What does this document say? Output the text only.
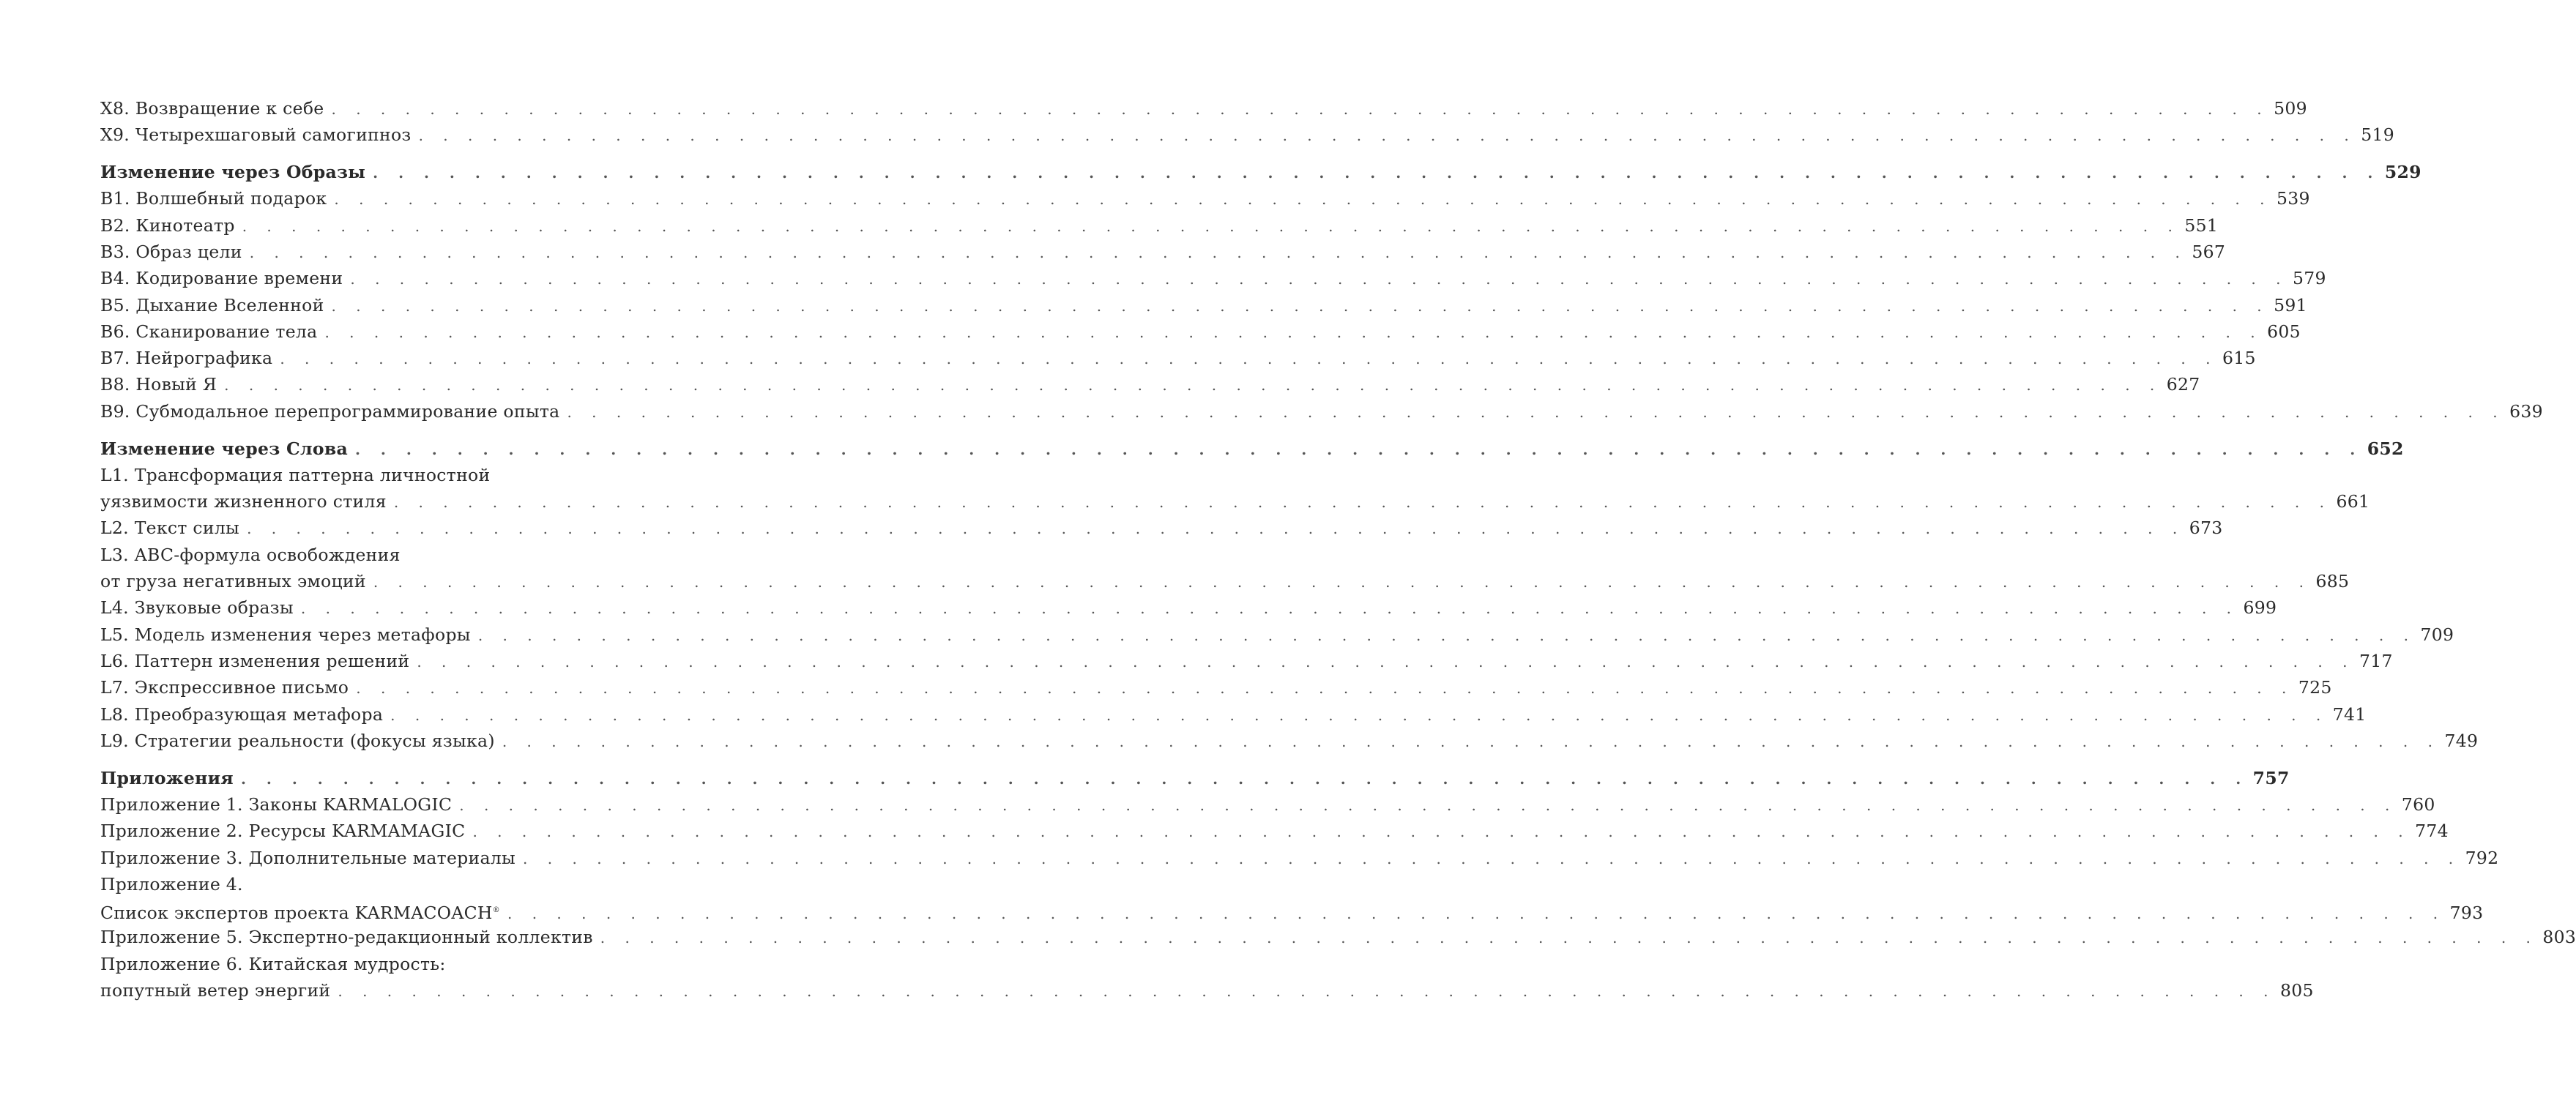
X8. Возвращение к себе . . .	509
X9. Четырехшаговый самогипноз . . .	519
Изменение через Образы . . .	529
B1. Волшебный подарок . . .	539
B2. Кинотеатр . . .	551
B3. Образ цели . . .	567
B4. Кодирование времени . . .	579
B5. Дыхание Вселенной . . .	591
B6. Сканирование тела . . .	605
B7. Нейрографика . . .	615
B8. Новый Я . . .	627
B9. Субмодальное перепрограммирование опыта . . .	639
Изменение через Слова . . .	652
L1. Трансформация паттерна личностной
уязвимости жизненного стиля . . .	661
L2. Текст силы . . .	673
L3. ABC-формула освобождения
от груза негативных эмоций . . .	685
L4. Звуковые образы . . .	699
L5. Модель изменения через метафоры . . .	709
L6. Паттерн изменения решений . . .	717
L7. Экспрессивное письмо . . .	725
L8. Преобразующая метафора . . .	741
L9. Стратегии реальности (фокусы языка) . . .	749
Приложения . . .	757
Приложение 1. Законы KARMALOGIC . . .	760
Приложение 2. Ресурсы KARMAMAGIC . . .	774
Приложение 3. Дополнительные материалы . . .	792
Приложение 4.
Список экспертов проекта KARMACOACH® . . .	793
Приложение 5. Экспертно-редакционный коллектив . . .	803
Приложение 6. Китайская мудрость:
попутный ветер энергий . . .	805
